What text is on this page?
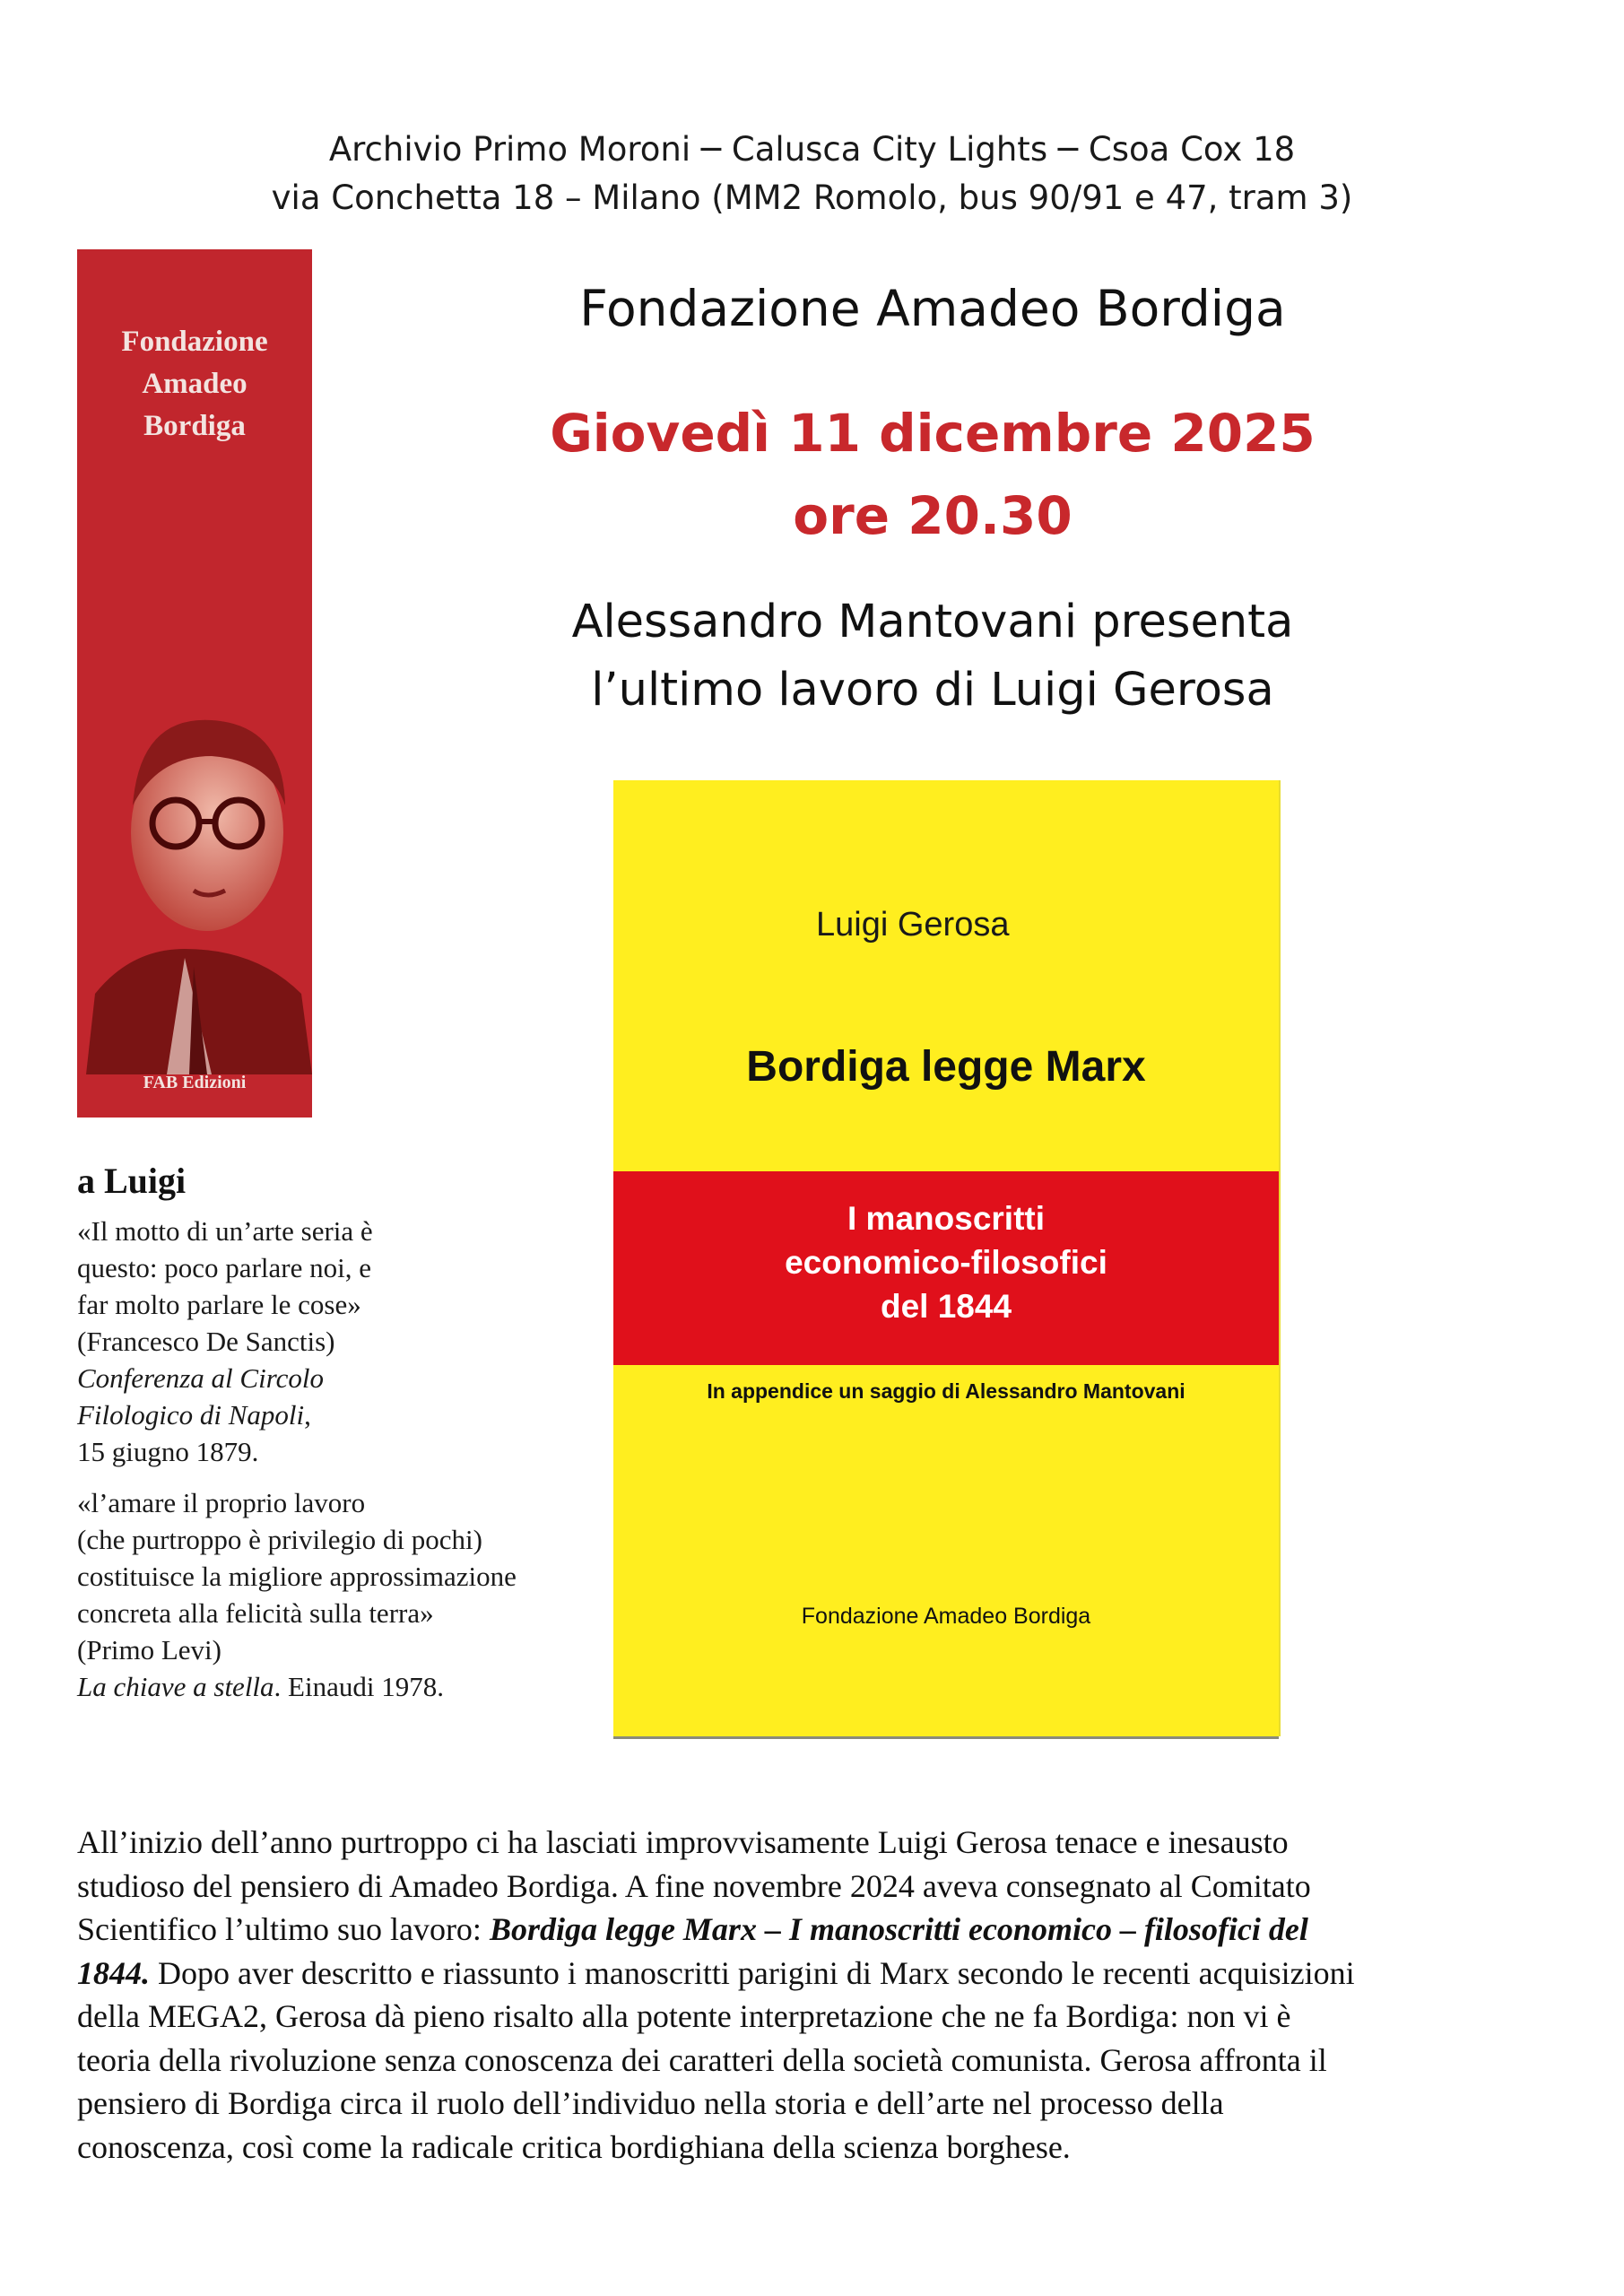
Archivio Primo Moroni ─ Calusca City Lights ─ Csoa Cox 18
via Conchetta 18 – Milano (MM2 Romolo, bus 90/91 e 47, tram 3)
Fondazione
Amadeo
Bordiga
FAB Edizioni
Fondazione Amadeo Bordiga
Giovedì 11 dicembre 2025
ore 20.30
Alessandro Mantovani presenta
l’ultimo lavoro di Luigi Gerosa
Luigi Gerosa
Bordiga legge Marx
I manoscritti
economico-filosofici
del 1844
In appendice un saggio di Alessandro Mantovani
Fondazione Amadeo Bordiga
a Luigi
«Il motto di un’arte seria è
questo: poco parlare noi, e
far molto parlare le cose»
(Francesco De Sanctis)
Conferenza al Circolo
Filologico di Napoli,
15 giugno 1879.
«l’amare il proprio lavoro
(che purtroppo è privilegio di pochi)
costituisce la migliore approssimazione
concreta alla felicità sulla terra»
(Primo Levi)
La chiave a stella. Einaudi 1978.
All’inizio dell’anno purtroppo ci ha lasciati improvvisamente Luigi Gerosa tenace e inesausto
studioso del pensiero di Amadeo Bordiga. A fine novembre 2024 aveva consegnato al Comitato
Scientifico l’ultimo suo lavoro: Bordiga legge Marx – I manoscritti economico – filosofici del
1844. Dopo aver descritto e riassunto i manoscritti parigini di Marx secondo le recenti acquisizioni
della MEGA2, Gerosa dà pieno risalto alla potente interpretazione che ne fa Bordiga: non vi è
teoria della rivoluzione senza conoscenza dei caratteri della società comunista. Gerosa affronta il
pensiero di Bordiga circa il ruolo dell’individuo nella storia e dell’arte nel processo della
conoscenza, così come la radicale critica bordighiana della scienza borghese.
